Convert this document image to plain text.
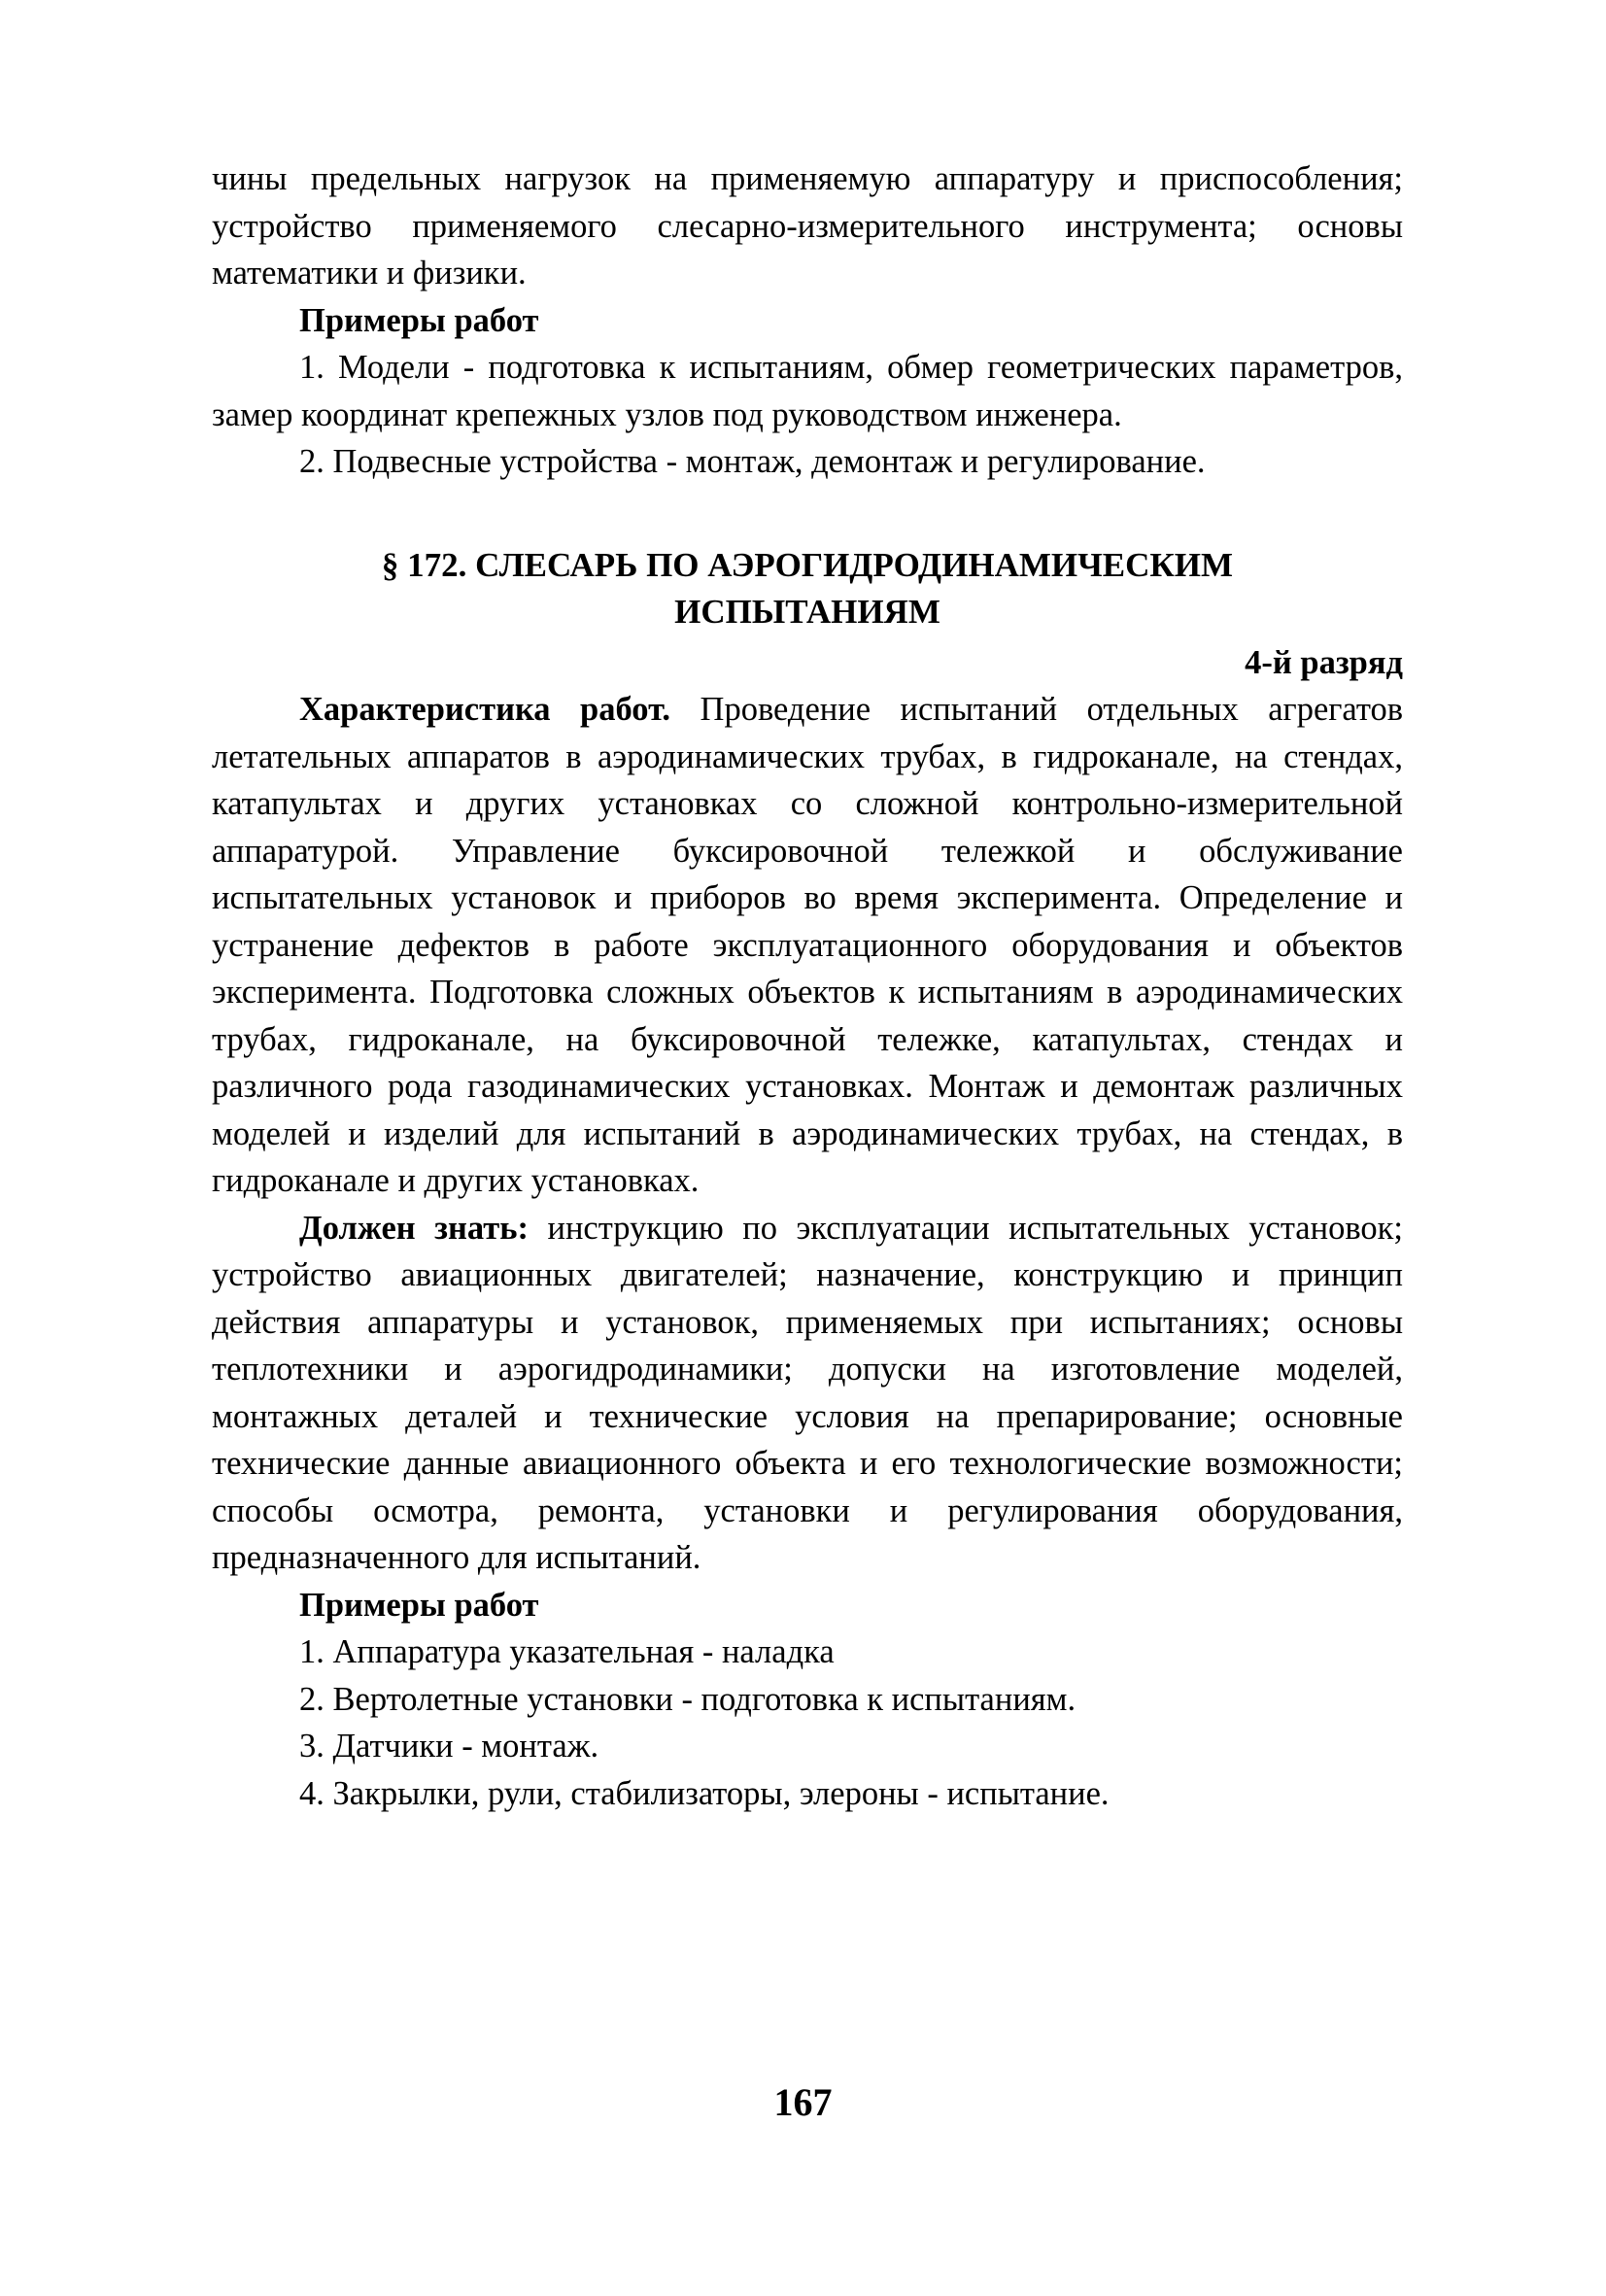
чины предельных нагрузок на применяемую аппаратуру и приспособления; устройство применяемого слесарно-измерительного инструмента; основы математики и физики.

Примеры работ

1. Модели - подготовка к испытаниям, обмер геометрических параметров, замер координат крепежных узлов под руководством инженера.

2. Подвесные устройства - монтаж, демонтаж и регулирование.

§ 172. СЛЕСАРЬ ПО АЭРОГИДРОДИНАМИЧЕСКИМ
ИСПЫТАНИЯМ

4-й разряд

Характеристика работ. Проведение испытаний отдельных агрегатов летательных аппаратов в аэродинамических трубах, в гидроканале, на стендах, катапультах и других установках со сложной контрольно-измерительной аппаратурой. Управление буксировочной тележкой и обслуживание испытательных установок и приборов во время эксперимента. Определение и устранение дефектов в работе эксплуатационного оборудования и объектов эксперимента. Подготовка сложных объектов к испытаниям в аэродинамических трубах, гидроканале, на буксировочной тележке, катапультах, стендах и различного рода газодинамических установках. Монтаж и демонтаж различных моделей и изделий для испытаний в аэродинамических трубах, на стендах, в гидроканале и других установках.

Должен знать: инструкцию по эксплуатации испытательных установок; устройство авиационных двигателей; назначение, конструкцию и принцип действия аппаратуры и установок, применяемых при испытаниях; основы теплотехники и аэрогидродинамики; допуски на изготовление моделей, монтажных деталей и технические условия на препарирование; основные технические данные авиационного объекта и его технологические возможности; способы осмотра, ремонта, установки и регулирования оборудования, предназначенного для испытаний.

Примеры работ

1. Аппаратура указательная - наладка

2. Вертолетные установки - подготовка к испытаниям.

3. Датчики - монтаж.

4. Закрылки, рули, стабилизаторы, элероны - испытание.

167
